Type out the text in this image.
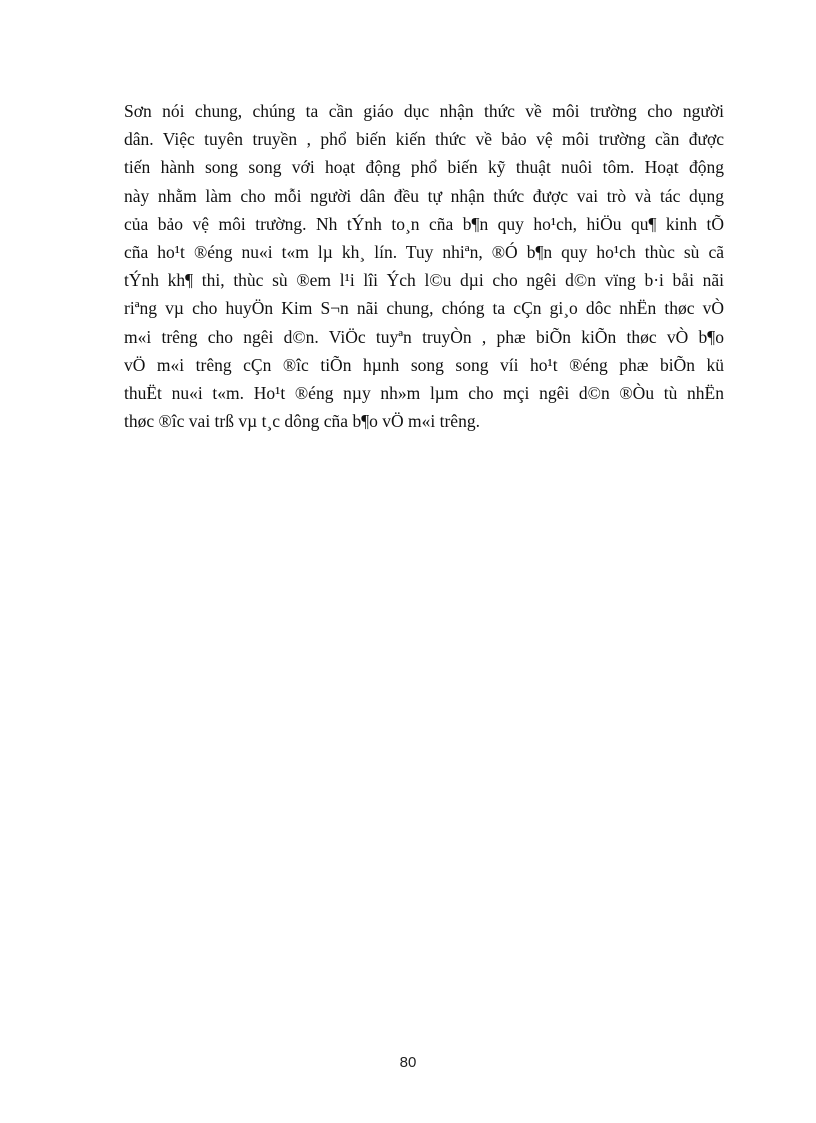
Sơn nói chung, chúng ta cần giáo dục nhận thức về môi trường cho người
dân. Việc tuyên truyền , phổ biến kiến thức về bảo vệ môi trường cần được
tiến hành song song với hoạt động phổ biến kỹ thuật nuôi tôm. Hoạt động
này nhằm làm cho mỗi người dân đều tự nhận thức được vai trò và tác dụng
của bảo vệ môi trường. Nh tÝnh to¸n cña b¶n quy ho¹ch, hiÖu qu¶ kinh tÕ
cña ho¹t ®éng nu«i t«m lµ kh¸ lín. Tuy nhiªn, ®Ó b¶n quy ho¹ch thùc sù cã
tÝnh kh¶ thi, thùc sù ®em l¹i lîi Ých l©u dµi cho ngêi d©n vïng b·i båi nãi
riªng vµ cho huyÖn Kim S¬n nãi chung, chóng ta cÇn gi¸o dôc nhËn thøc vÒ
m«i trêng cho ngêi d©n. ViÖc tuyªn truyÒn , phæ biÕn kiÕn thøc vÒ b¶o
vÖ m«i trêng cÇn ®îc tiÕn hµnh song song víi ho¹t ®éng phæ biÕn kü
thuËt nu«i t«m. Ho¹t ®éng nµy nh»m lµm cho mçi ngêi d©n ®Òu tù nhËn
thøc ®îc vai trß vµ t¸c dông cña b¶o vÖ m«i trêng.
80
